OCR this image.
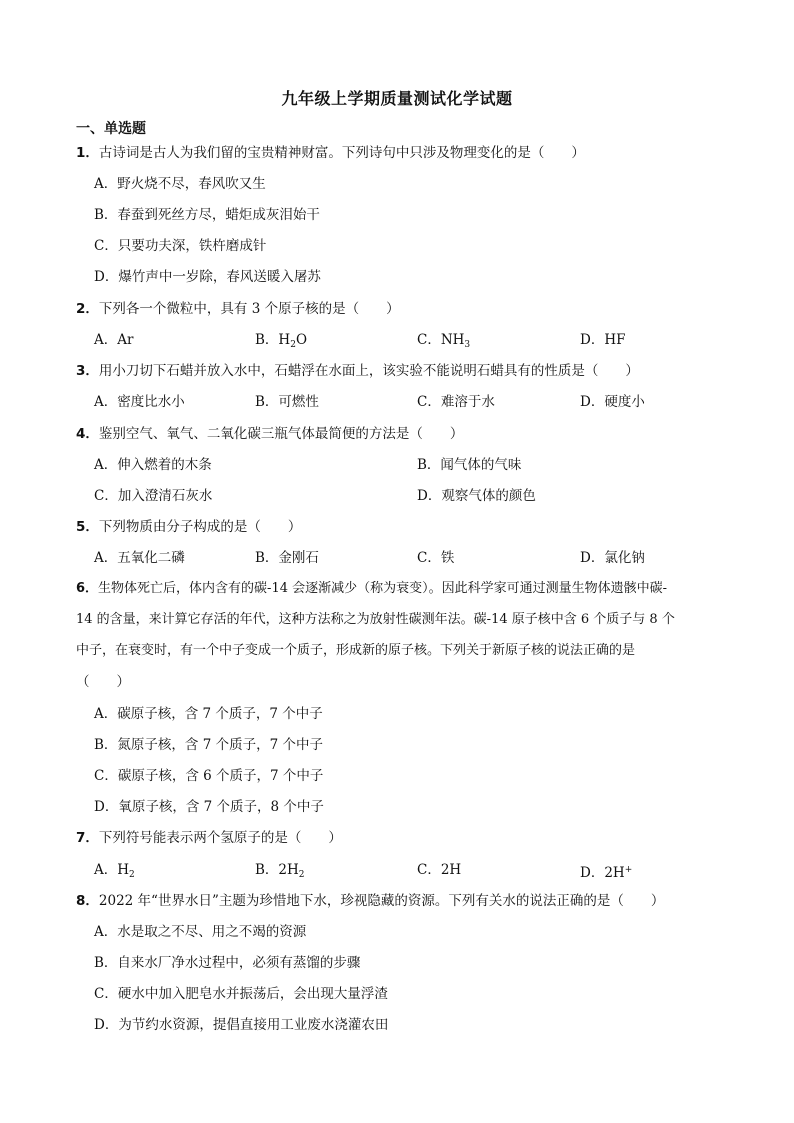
九年级上学期质量测试化学试题
一、单选题
1．古诗词是古人为我们留的宝贵精神财富。下列诗句中只涉及物理变化的是（　　）
A．野火烧不尽，春风吹又生
B．春蚕到死丝方尽，蜡炬成灰泪始干
C．只要功夫深，铁杵磨成针
D．爆竹声中一岁除，春风送暖入屠苏
2．下列各一个微粒中，具有 3 个原子核的是（　　）
A．Ar	B．$H_2O$	C．$NH_3$	D．HF
3．用小刀切下石蜡并放入水中，石蜡浮在水面上，该实验不能说明石蜡具有的性质是（　　）
A．密度比水小	B．可燃性	C．难溶于水	D．硬度小
4．鉴别空气、氧气、二氧化碳三瓶气体最简便的方法是（　　）
A．伸入燃着的木条	B．闻气体的气味
C．加入澄清石灰水	D．观察气体的颜色
5．下列物质由分子构成的是（　　）
A．五氧化二磷	B．金刚石	C．铁	D．氯化钠
6．生物体死亡后，体内含有的碳-14 会逐渐减少（称为衰变）。因此科学家可通过测量生物体遗骸中碳-
14 的含量，来计算它存活的年代，这种方法称之为放射性碳测年法。碳-14 原子核中含 6 个质子与 8 个
中子，在衰变时，有一个中子变成一个质子，形成新的原子核。下列关于新原子核的说法正确的是
（　　）
A．碳原子核，含 7 个质子，7 个中子
B．氮原子核，含 7 个质子，7 个中子
C．碳原子核，含 6 个质子，7 个中子
D．氧原子核，含 7 个质子，8 个中子
7．下列符号能表示两个氢原子的是（　　）
A．$H_2$	B．$2H_2$	C．2H	D．2H+
8．2022 年“世界水日”主题为珍惜地下水，珍视隐藏的资源。下列有关水的说法正确的是（　　）
A．水是取之不尽、用之不竭的资源
B．自来水厂净水过程中，必须有蒸馏的步骤
C．硬水中加入肥皂水并振荡后，会出现大量浮渣
D．为节约水资源，提倡直接用工业废水浇灌农田
